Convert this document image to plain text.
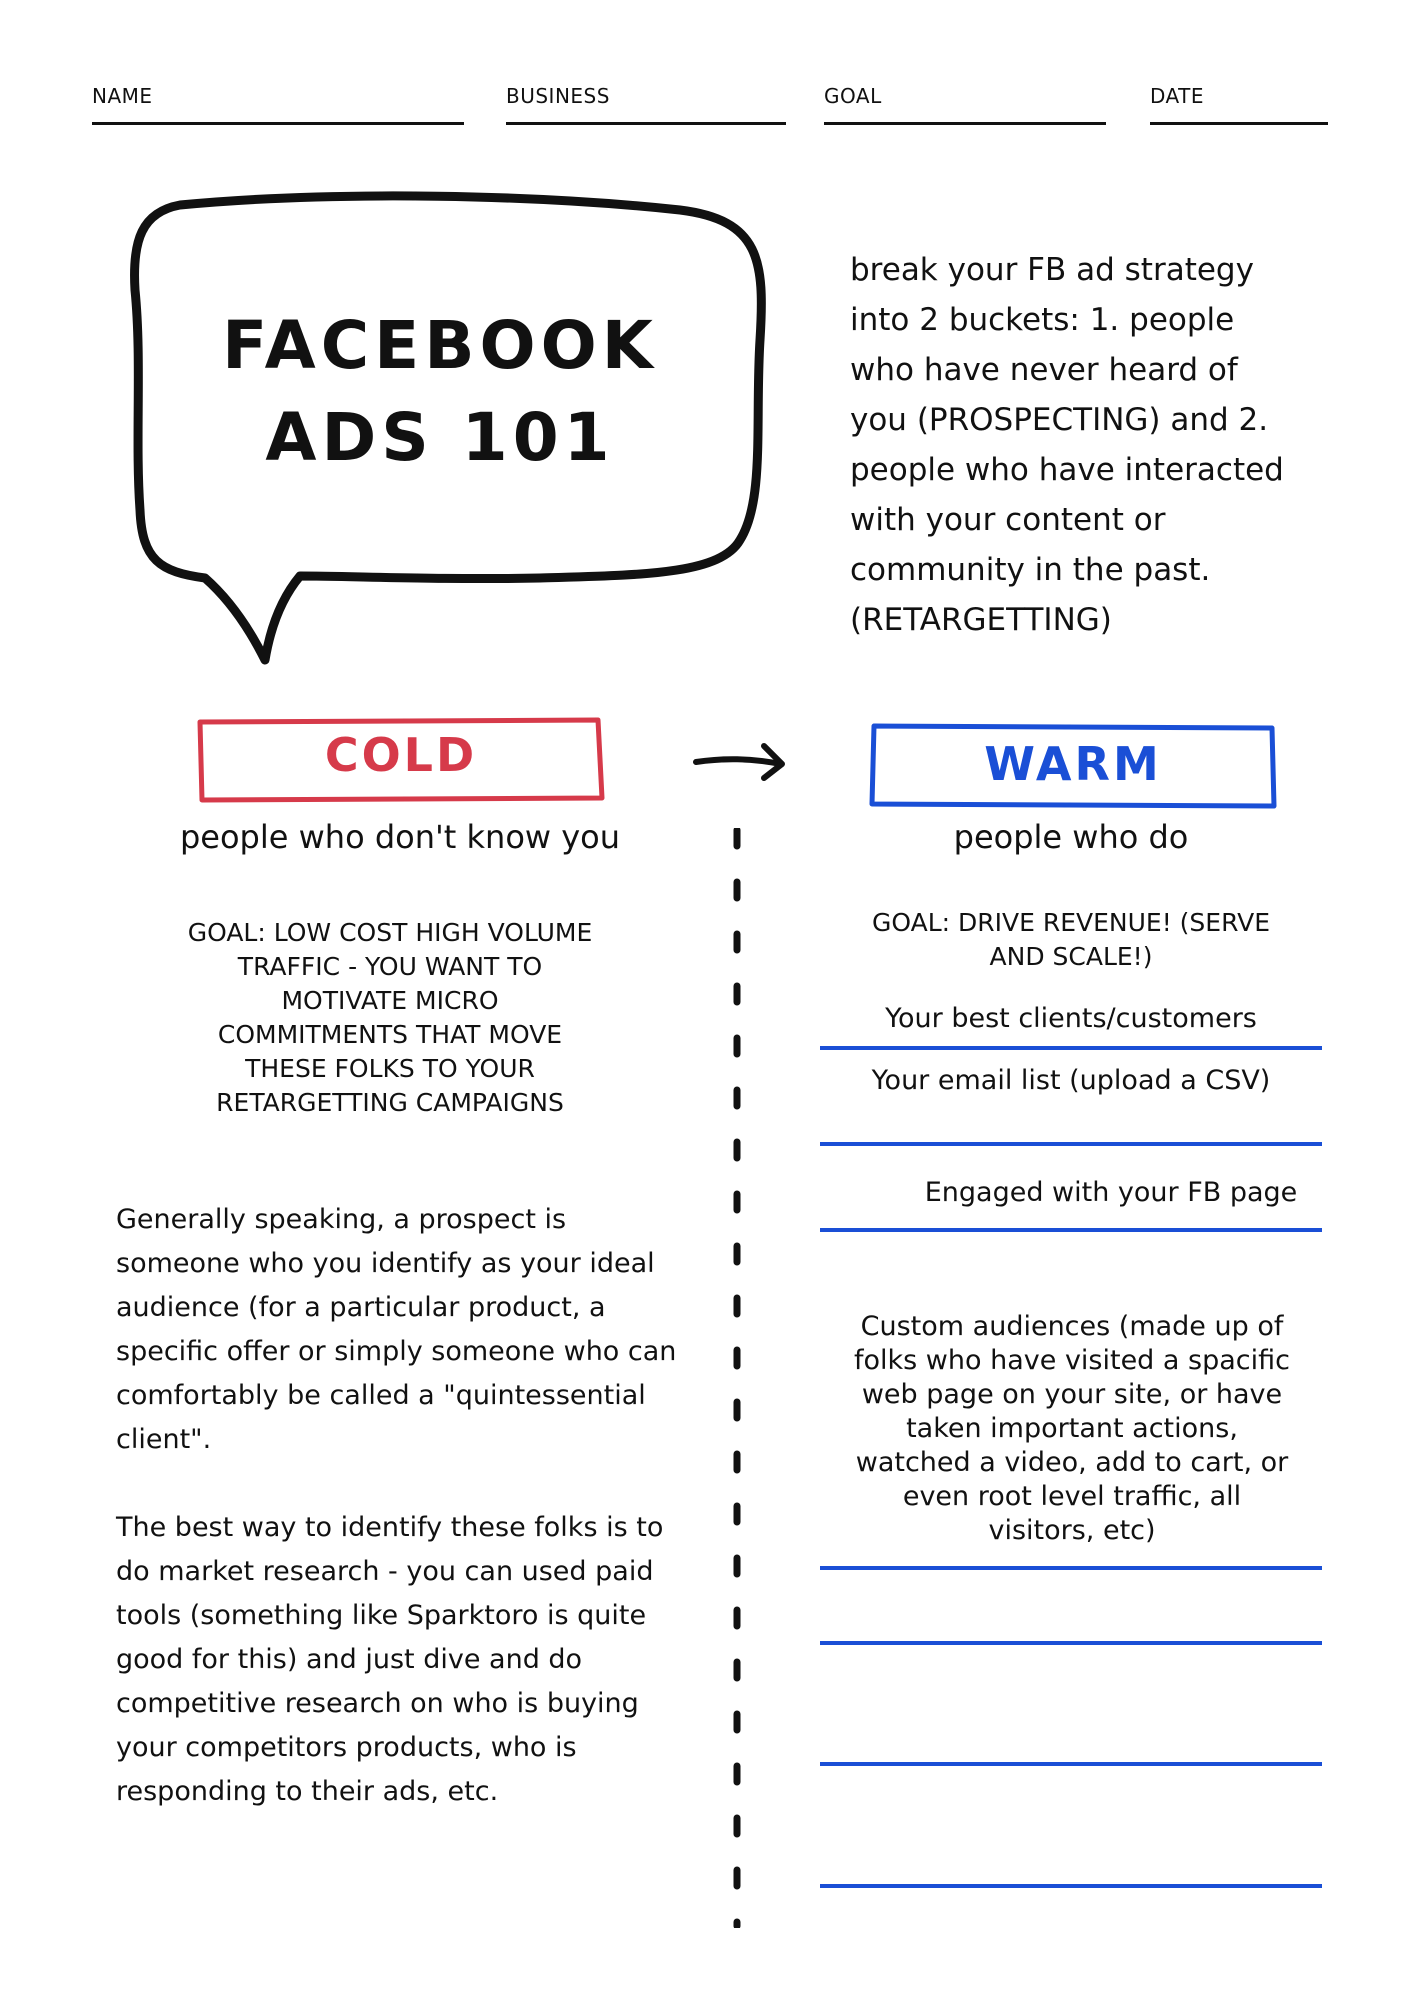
NAME	BUSINESS	GOAL	DATE
FACEBOOK
ADS 101
break your FB ad strategy into 2 buckets: 1. people who have never heard of you (PROSPECTING) and 2. people who have interacted with your content or community in the past. (RETARGETTING)
COLD	WARM
people who don't know you	people who do
GOAL: LOW COST HIGH VOLUME
TRAFFIC - YOU WANT TO
MOTIVATE MICRO
COMMITMENTS THAT MOVE
THESE FOLKS TO YOUR
RETARGETTING CAMPAIGNS
GOAL: DRIVE REVENUE! (SERVE
AND SCALE!)
Generally speaking, a prospect is someone who you identify as your ideal audience (for a particular product, a specific offer or simply someone who can comfortably be called a "quintessential client".
The best way to identify these folks is to do market research - you can used paid tools (something like Sparktoro is quite good for this) and just dive and do competitive research on who is buying your competitors products, who is responding to their ads, etc.
Your best clients/customers
Your email list (upload a CSV)
Engaged with your FB page
Custom audiences (made up of folks who have visited a spacific web page on your site, or have taken important actions, watched a video, add to cart, or even root level traffic, all visitors, etc)
